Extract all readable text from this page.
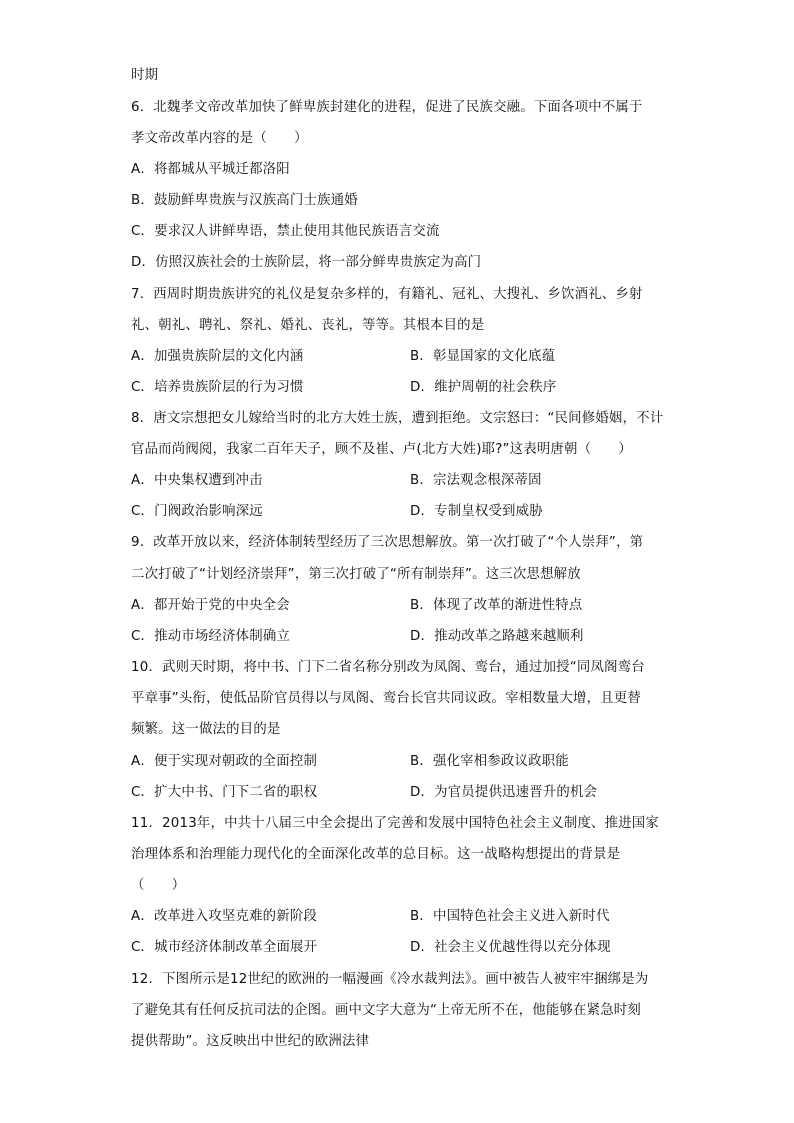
时期
6．北魏孝文帝改革加快了鲜卑族封建化的进程，促进了民族交融。下面各项中不属于
孝文帝改革内容的是（　　）
A．将都城从平城迁都洛阳
B．鼓励鲜卑贵族与汉族高门士族通婚
C．要求汉人讲鲜卑语，禁止使用其他民族语言交流
D．仿照汉族社会的士族阶层，将一部分鲜卑贵族定为高门
7．西周时期贵族讲究的礼仪是复杂多样的，有籍礼、冠礼、大搜礼、乡饮酒礼、乡射
礼、朝礼、聘礼、祭礼、婚礼、丧礼，等等。其根本目的是
A．加强贵族阶层的文化内涵	B．彰显国家的文化底蕴
C．培养贵族阶层的行为习惯	D．维护周朝的社会秩序
8．唐文宗想把女儿嫁给当时的北方大姓士族，遭到拒绝。文宗怒曰：“民间修婚姻，不计
官品而尚阀阅，我家二百年天子，顾不及崔、卢(北方大姓)耶?”这表明唐朝（　　）
A．中央集权遭到冲击	B．宗法观念根深蒂固
C．门阀政治影响深远	D．专制皇权受到威胁
9．改革开放以来，经济体制转型经历了三次思想解放。第一次打破了“个人崇拜”，第
二次打破了“计划经济崇拜”，第三次打破了“所有制崇拜”。这三次思想解放
A．都开始于党的中央全会	B．体现了改革的渐进性特点
C．推动市场经济体制确立	D．推动改革之路越来越顺利
10．武则天时期，将中书、门下二省名称分别改为凤阁、鸾台，通过加授“同凤阁鸾台
平章事”头衔，使低品阶官员得以与凤阁、鸾台长官共同议政。宰相数量大增，且更替
频繁。这一做法的目的是
A．便于实现对朝政的全面控制	B．强化宰相参政议政职能
C．扩大中书、门下二省的职权	D．为官员提供迅速晋升的机会
11．2013年，中共十八届三中全会提出了完善和发展中国特色社会主义制度、推进国家
治理体系和治理能力现代化的全面深化改革的总目标。这一战略构想提出的背景是
（　　）
A．改革进入攻坚克难的新阶段	B．中国特色社会主义进入新时代
C．城市经济体制改革全面展开	D．社会主义优越性得以充分体现
12．下图所示是12世纪的欧洲的一幅漫画《冷水裁判法》。画中被告人被牢牢捆绑是为
了避免其有任何反抗司法的企图。画中文字大意为“上帝无所不在，他能够在紧急时刻
提供帮助”。这反映出中世纪的欧洲法律
